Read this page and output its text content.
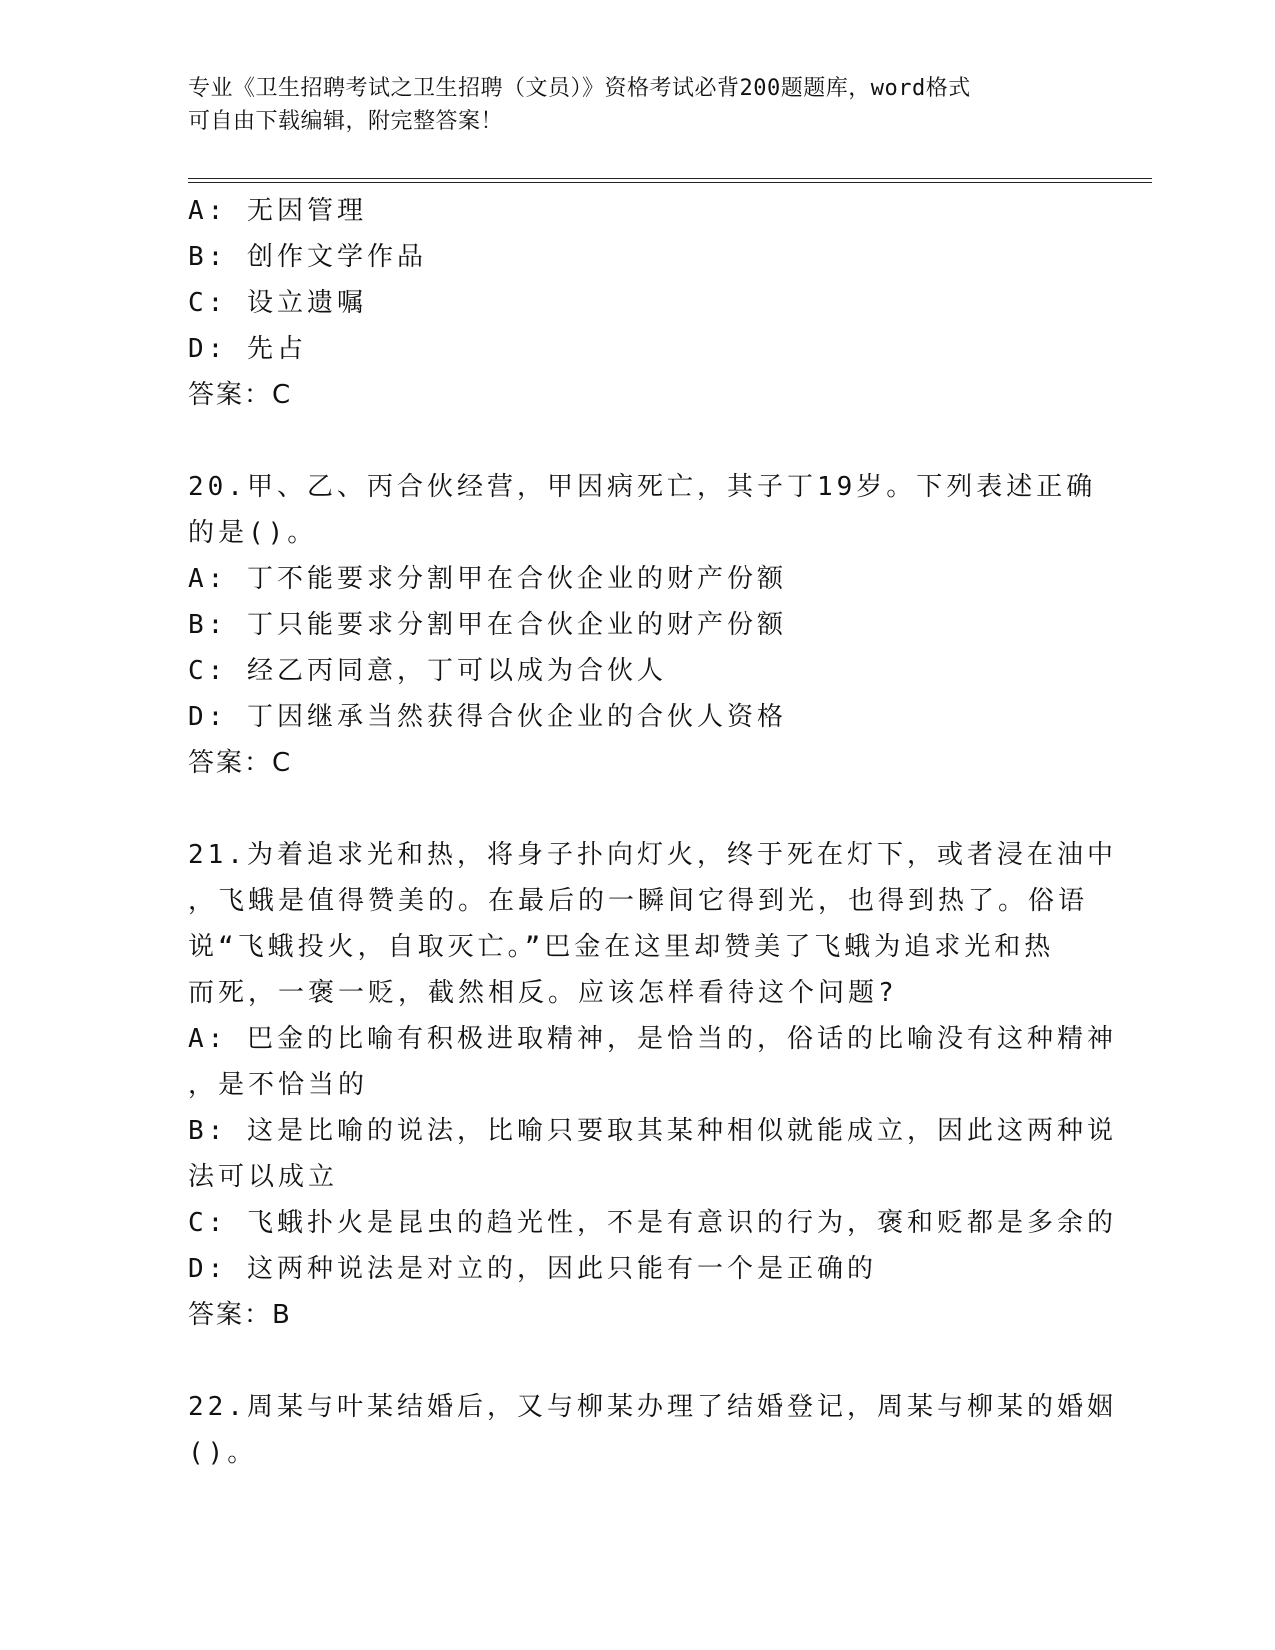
专业《卫生招聘考试之卫生招聘（文员）》资格考试必背200题题库，word格式
可自由下载编辑，附完整答案！
A: 无因管理
B: 创作文学作品
C: 设立遗嘱
D: 先占
答案：C
20.甲、乙、丙合伙经营，甲因病死亡，其子丁19岁。下列表述正确
的是()。
A: 丁不能要求分割甲在合伙企业的财产份额
B: 丁只能要求分割甲在合伙企业的财产份额
C: 经乙丙同意，丁可以成为合伙人
D: 丁因继承当然获得合伙企业的合伙人资格
答案：C
21.为着追求光和热，将身子扑向灯火，终于死在灯下，或者浸在油中
，飞蛾是值得赞美的。在最后的一瞬间它得到光，也得到热了。俗语
说“飞蛾投火，自取灭亡。”巴金在这里却赞美了飞蛾为追求光和热
而死，一褒一贬，截然相反。应该怎样看待这个问题?
A: 巴金的比喻有积极进取精神，是恰当的，俗话的比喻没有这种精神
，是不恰当的
B: 这是比喻的说法，比喻只要取其某种相似就能成立，因此这两种说
法可以成立
C: 飞蛾扑火是昆虫的趋光性，不是有意识的行为，褒和贬都是多余的
D: 这两种说法是对立的，因此只能有一个是正确的
答案：B
22.周某与叶某结婚后，又与柳某办理了结婚登记，周某与柳某的婚姻
()。
